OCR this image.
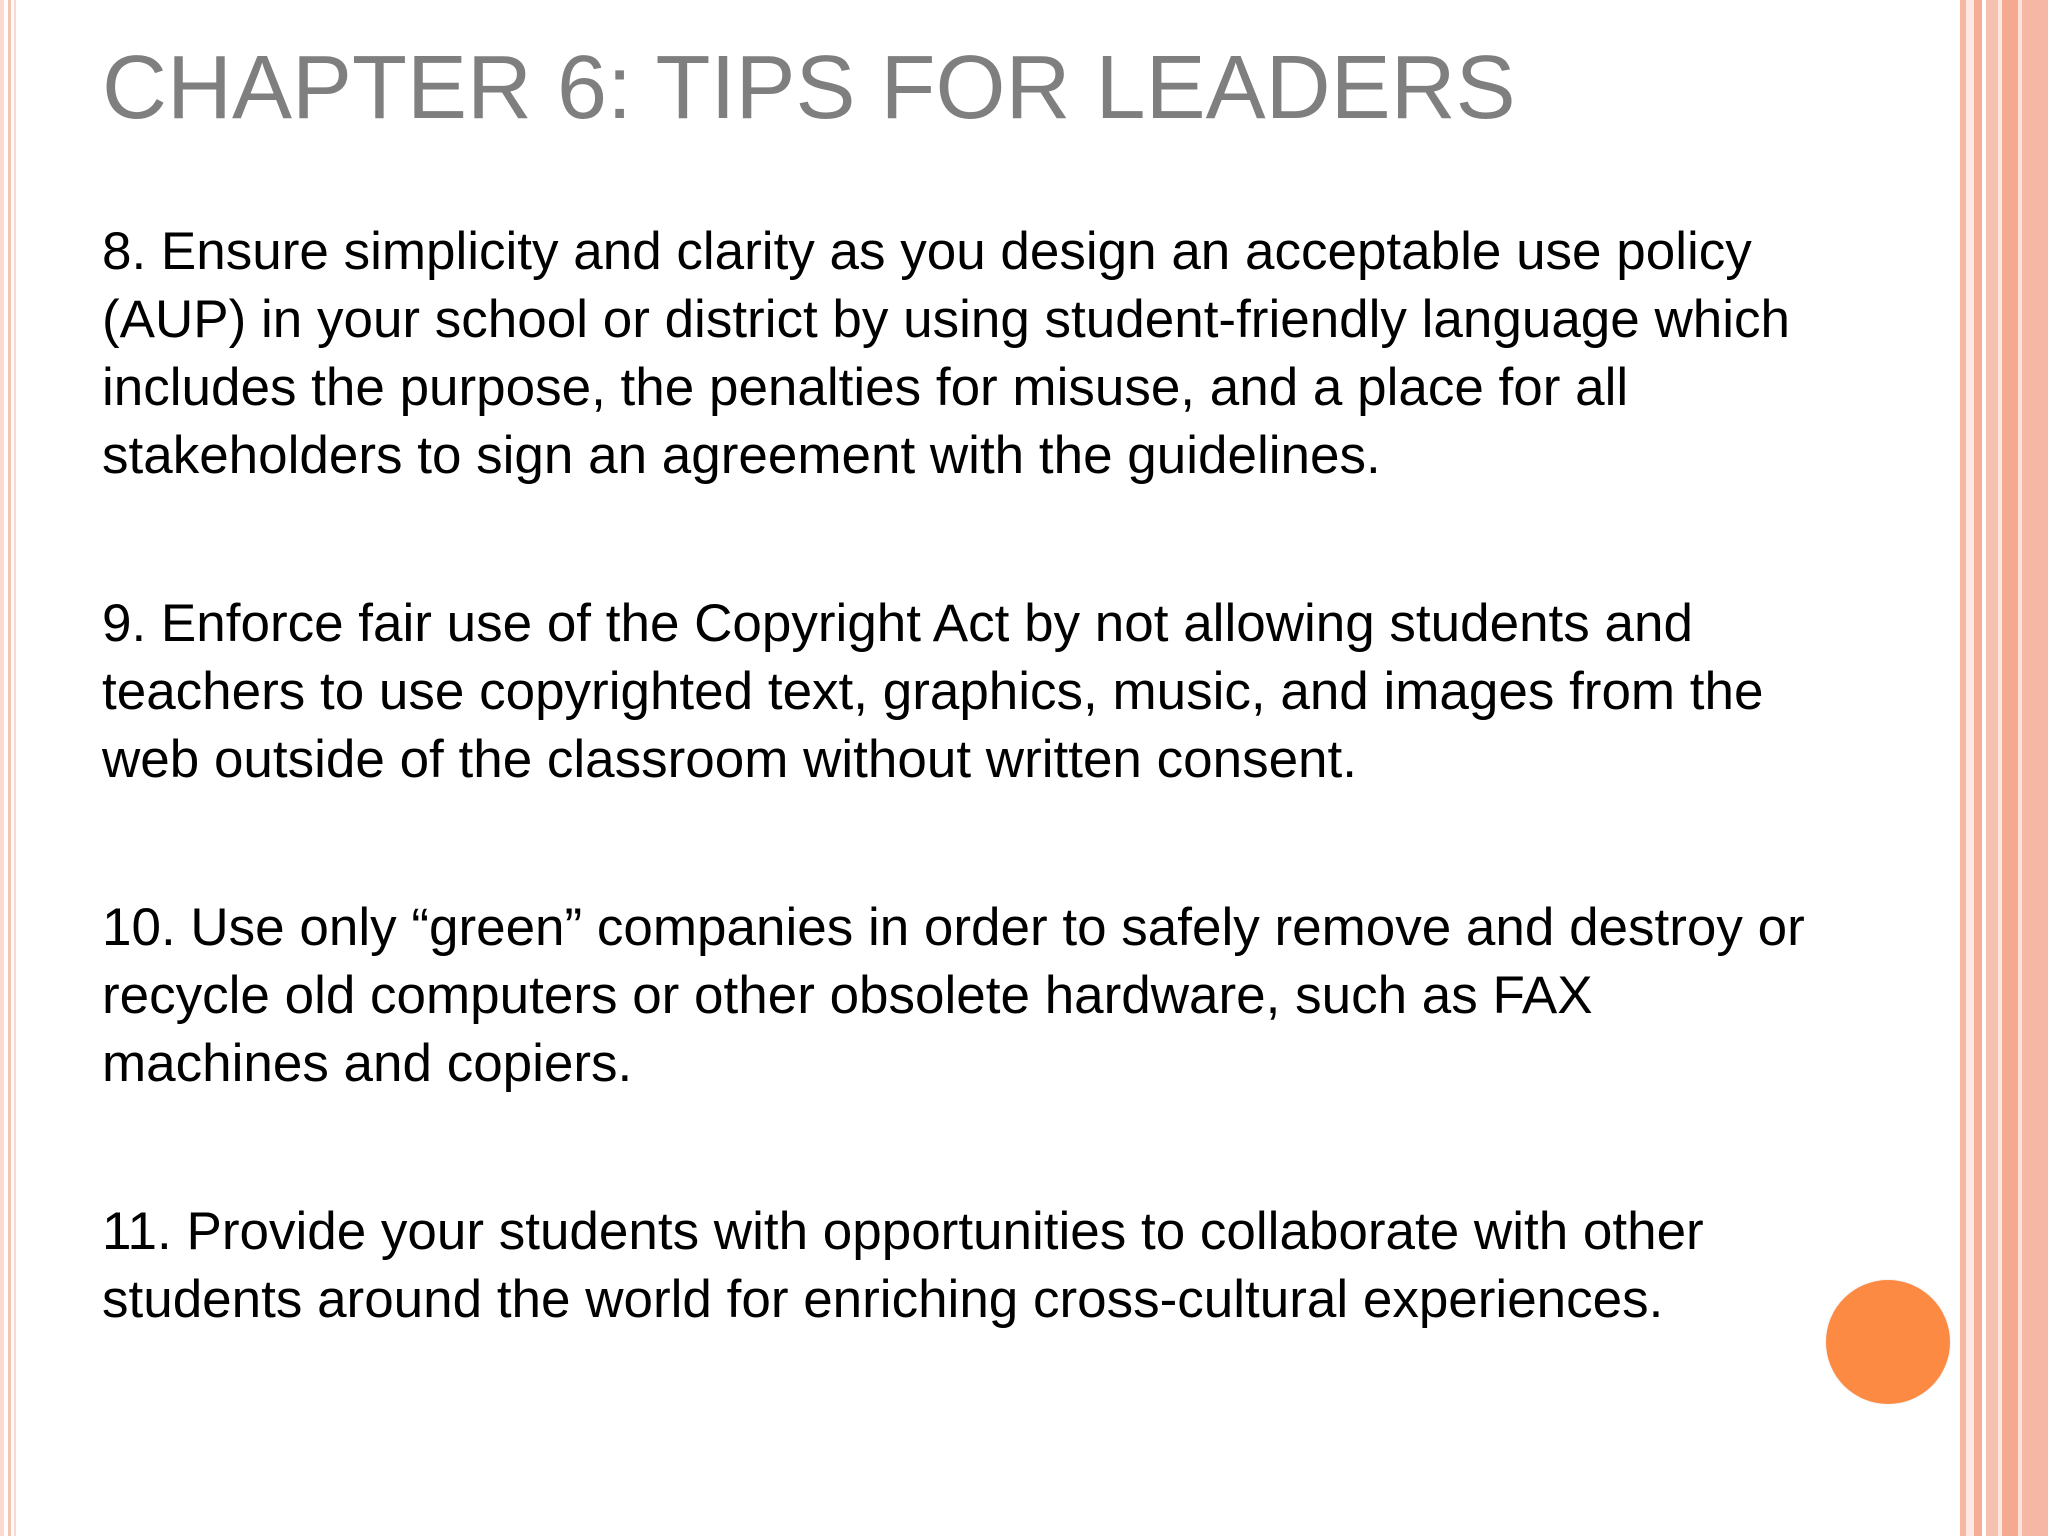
CHAPTER 6: TIPS FOR LEADERS

8. Ensure simplicity and clarity as you design an acceptable use policy
(AUP) in your school or district by using student-friendly language which
includes the purpose, the penalties for misuse, and a place for all
stakeholders to sign an agreement with the guidelines.

9. Enforce fair use of the Copyright Act by not allowing students and
teachers to use copyrighted text, graphics, music, and images from the
web outside of the classroom without written consent.

10. Use only “green” companies in order to safely remove and destroy or
recycle old computers or other obsolete hardware, such as FAX
machines and copiers.

11. Provide your students with opportunities to collaborate with other
students around the world for enriching cross-cultural experiences.
